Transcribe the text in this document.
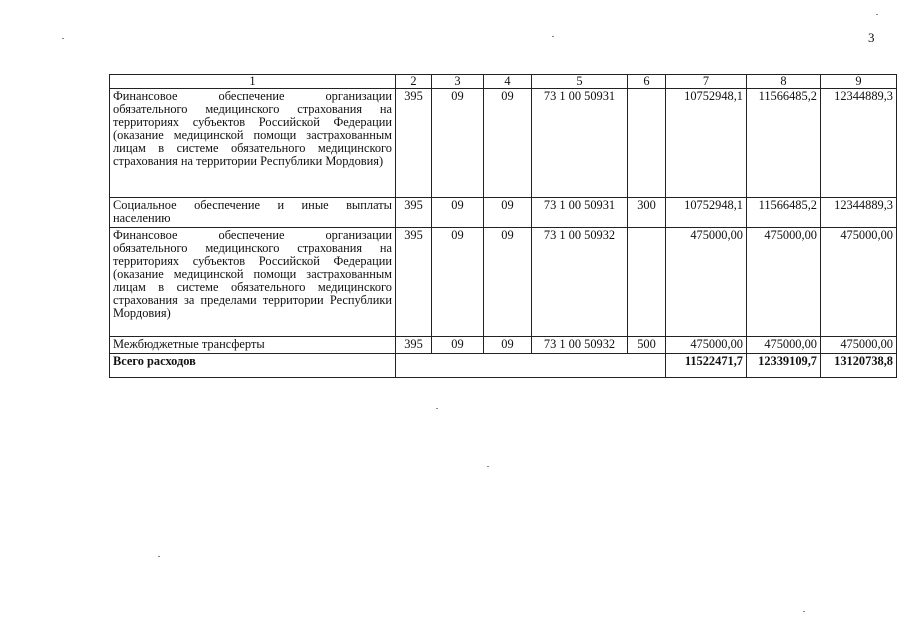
3
1	2	3	4	5	6	7	8	9
Финансовое обеспечение организации обязательного медицинского страхования на территориях субъектов Российской Федерации (оказание медицинской помощи застрахованным лицам в системе обязательного медицинского страхования на территории Республики Мордовия)	395	09	09	73 1 00 50931		10752948,1	11566485,2	12344889,3
Социальное обеспечение и иные выплаты населению	395	09	09	73 1 00 50931	300	10752948,1	11566485,2	12344889,3
Финансовое обеспечение организации обязательного медицинского страхования на территориях субъектов Российской Федерации (оказание медицинской помощи застрахованным лицам в системе обязательного медицинского страхования за пределами территории Республики Мордовия)	395	09	09	73 1 00 50932		475000,00	475000,00	475000,00
Межбюджетные трансферты	395	09	09	73 1 00 50932	500	475000,00	475000,00	475000,00
Всего расходов						11522471,7	12339109,7	13120738,8
